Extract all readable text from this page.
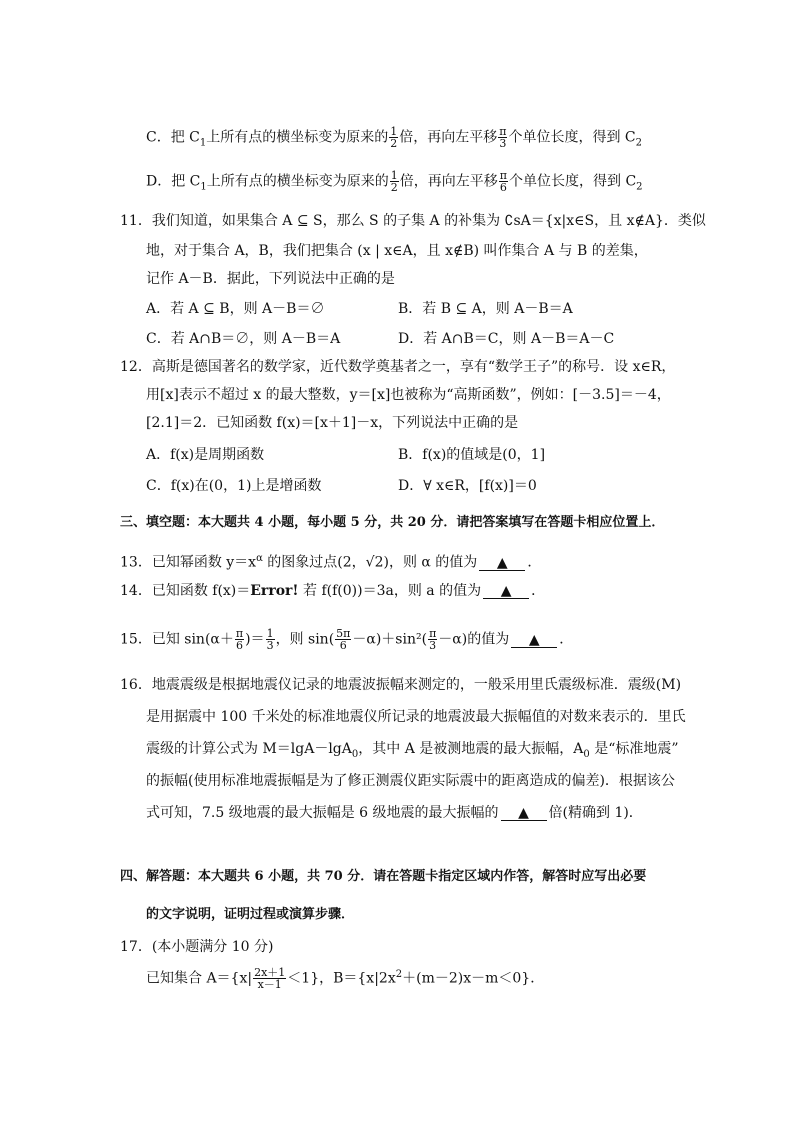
C．把 $C_1$上所有点的横坐标变为原来的 $\frac{1}{2}$ 倍，再向左平移 $\frac{\pi}{3}$ 个单位长度，得到 $C_2$
D．把 $C_1$上所有点的横坐标变为原来的 $\frac{1}{2}$ 倍，再向左平移 $\frac{\pi}{6}$ 个单位长度，得到 $C_2$
11．我们知道，如果集合 A ⊆ S，那么 S 的子集 A 的补集为 ∁sA＝{x|x∈S，且 x∉A}．类似
地，对于集合 A，B，我们把集合 (x | x∈A，且 x∉B) 叫作集合 A 与 B 的差集，
记作 A－B．据此，下列说法中正确的是
A．若 A ⊆ B，则 A－B＝∅	B．若 B ⊆ A，则 A－B＝A
C．若 A∩B＝∅，则 A－B＝A	D．若 A∩B＝C，则 A－B＝A－C
12．高斯是德国著名的数学家，近代数学奠基者之一，享有“数学王子”的称号．设 x∈R，
用[x]表示不超过 x 的最大整数，y＝[x]也被称为“高斯函数”，例如：[－3.5]＝－4，
[2.1]＝2．已知函数 f(x)＝[x＋1]－x，下列说法中正确的是
A．f(x)是周期函数	B．f(x)的值域是(0，1]
C．f(x)在(0，1)上是增函数	D．∀ x∈R，[f(x)]＝0
三、填空题：本大题共 4 小题，每小题 5 分，共 20 分．请把答案填写在答题卡相应位置上．
13．已知幂函数 $y=x^\alpha$ 的图象过点(2，√2)，则 α 的值为 ▲ ．
14．已知函数 f(x)＝Error! 若 f(f(0))＝3a，则 a 的值为 ▲ ．
15．已知 $\sin(\alpha+ \frac{\pi}{6}$ )＝ $\frac{1}{3}$ ，则 $\sin( \frac{5\pi}{6} -\alpha)+\sin^2( \frac{\pi}{3} -\alpha)$的值为 ▲ ．
16．地震震级是根据地震仪记录的地震波振幅来测定的，一般采用里氏震级标准．震级(M)
是用据震中 100 千米处的标准地震仪所记录的地震波最大振幅值的对数来表示的．里氏
震级的计算公式为 M＝lgA－lgA$_0$，其中 A 是被测地震的最大振幅，$A_0$ 是“标准地震”
的振幅(使用标准地震振幅是为了修正测震仪距实际震中的距离造成的偏差)．根据该公
式可知，7.5 级地震的最大振幅是 6 级地震的最大振幅的 ▲ 倍(精确到 1)．
四、解答题：本大题共 6 小题，共 70 分．请在答题卡指定区域内作答，解答时应写出必要
的文字说明，证明过程或演算步骤．
17．(本小题满分 10 分)
已知集合 $A=\{x| \frac{2x+1}{x-1} <1\}$，$B=\{x|2x^2+(m-2)x-m<0\}$．
